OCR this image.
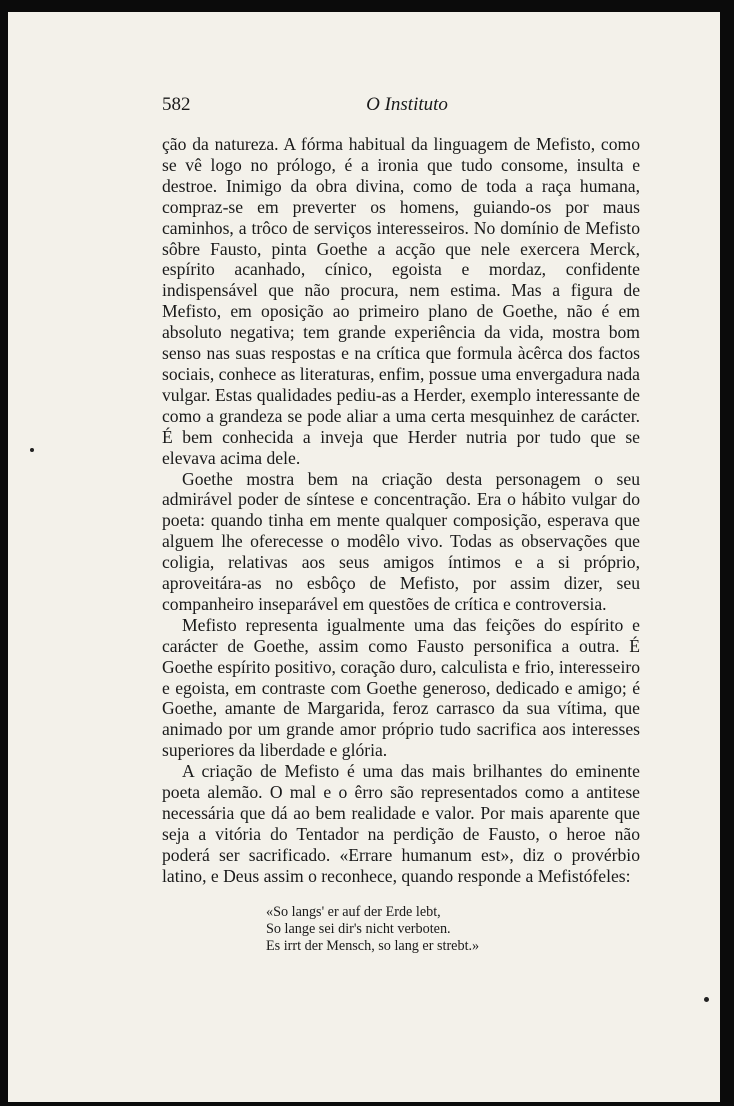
582	O Instituto

ção da natureza. A fórma habitual da linguagem de Mefisto, como se vê logo no prólogo, é a ironia que tudo consome, insulta e destroe. Inimigo da obra divina, como de toda a raça humana, compraz-se em preverter os homens, guiando-os por maus caminhos, a trôco de serviços interesseiros. No domínio de Mefisto sôbre Fausto, pinta Goethe a acção que nele exercera Merck, espírito acanhado, cínico, egoista e mordaz, confidente indispensável que não procura, nem estima. Mas a figura de Mefisto, em oposição ao primeiro plano de Goethe, não é em absoluto negativa; tem grande experiência da vida, mostra bom senso nas suas respostas e na crítica que formula àcêrca dos factos sociais, conhece as literaturas, enfim, possue uma envergadura nada vulgar. Estas qualidades pediu-as a Herder, exemplo interessante de como a grandeza se pode aliar a uma certa mesquinhez de carácter. É bem conhecida a inveja que Herder nutria por tudo que se elevava acima dele.

Goethe mostra bem na criação desta personagem o seu admirável poder de síntese e concentração. Era o hábito vulgar do poeta: quando tinha em mente qualquer composição, esperava que alguem lhe oferecesse o modêlo vivo. Todas as observações que coligia, relativas aos seus amigos íntimos e a si próprio, aproveitára-as no esbôço de Mefisto, por assim dizer, seu companheiro inseparável em questões de crítica e controversia.

Mefisto representa igualmente uma das feições do espírito e carácter de Goethe, assim como Fausto personifica a outra. É Goethe espírito positivo, coração duro, calculista e frio, interesseiro e egoista, em contraste com Goethe generoso, dedicado e amigo; é Goethe, amante de Margarida, feroz carrasco da sua vítima, que animado por um grande amor próprio tudo sacrifica aos interesses superiores da liberdade e glória.

A criação de Mefisto é uma das mais brilhantes do eminente poeta alemão. O mal e o êrro são representados como a antitese necessária que dá ao bem realidade e valor. Por mais aparente que seja a vitória do Tentador na perdição de Fausto, o heroe não poderá ser sacrificado. «Errare humanum est», diz o provérbio latino, e Deus assim o reconhece, quando responde a Mefistófeles:

«So langs' er auf der Erde lebt,
So lange sei dir's nicht verboten.
Es irrt der Mensch, so lang er strebt.»
